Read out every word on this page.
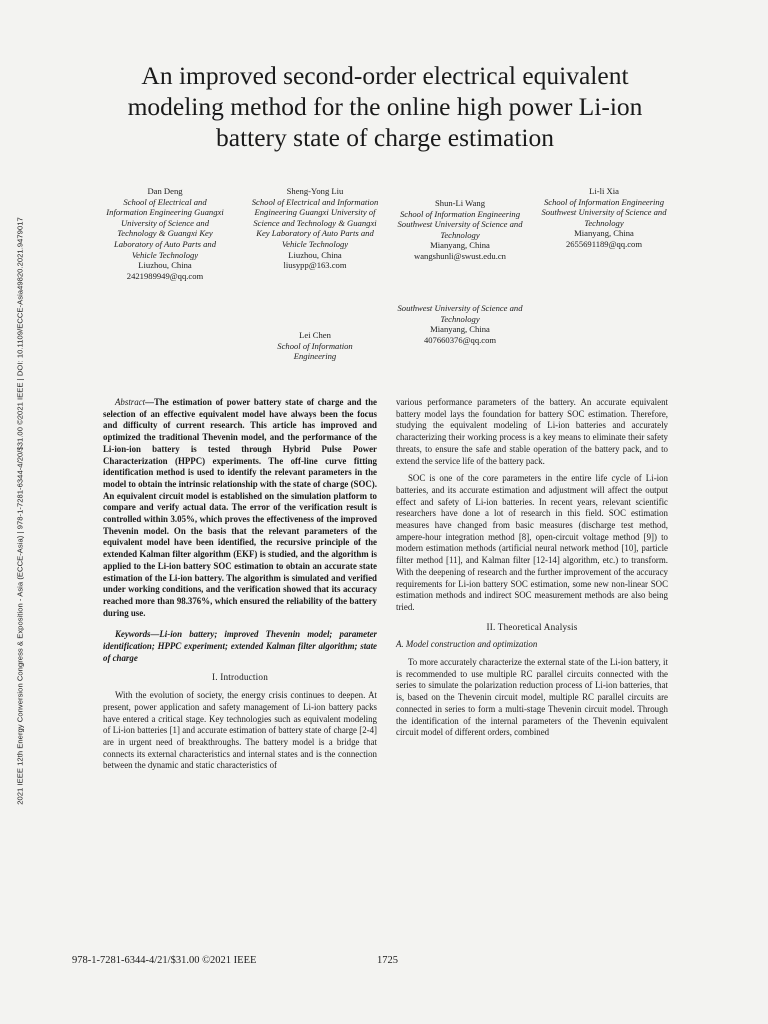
2021 IEEE 12th Energy Conversion Congress & Exposition - Asia (ECCE-Asia) | 978-1-7281-6344-4/20/$31.00 ©2021 IEEE | DOI: 10.1109/ECCE-Asia49820.2021.9479017
An improved second-order electrical equivalent modeling method for the online high power Li-ion battery state of charge estimation
Dan Deng
School of Electrical and Information Engineering Guangxi University of Science and Technology & Guangxi Key Laboratory of Auto Parts and Vehicle Technology
Liuzhou, China
2421989949@qq.com
Sheng-Yong Liu
School of Electrical and Information Engineering Guangxi University of Science and Technology & Guangxi Key Laboratory of Auto Parts and Vehicle Technology
Liuzhou, China
liusypp@163.com
Shun-Li Wang
School of Information Engineering Southwest University of Science and Technology
Mianyang, China
wangshunli@swust.edu.cn
Li-li Xia
School of Information Engineering Southwest University of Science and Technology
Mianyang, China
2655691189@qq.com
Southwest University of Science and Technology
Mianyang, China
407660376@qq.com
Lei Chen
School of Information Engineering

Abstract—The estimation of power battery state of charge and the selection of an effective equivalent model have always been the focus and difficulty of current research. This article has improved and optimized the traditional Thevenin model, and the performance of the Li-ion-ion battery is tested through Hybrid Pulse Power Characterization (HPPC) experiments. The off-line curve fitting identification method is used to identify the relevant parameters in the model to obtain the intrinsic relationship with the state of charge (SOC). An equivalent circuit model is established on the simulation platform to compare and verify actual data. The error of the verification result is controlled within 3.05%, which proves the effectiveness of the improved Thevenin model. On the basis that the relevant parameters of the equivalent model have been identified, the recursive principle of the extended Kalman filter algorithm (EKF) is studied, and the algorithm is applied to the Li-ion battery SOC estimation to obtain an accurate state estimation of the Li-ion battery. The algorithm is simulated and verified under working conditions, and the verification showed that its accuracy reached more than 98.376%, which ensured the reliability of the battery during use.

Keywords—Li-ion battery; improved Thevenin model; parameter identification; HPPC experiment; extended Kalman filter algorithm; state of charge

I. Introduction

With the evolution of society, the energy crisis continues to deepen. At present, power application and safety management of Li-ion battery packs have entered a critical stage. Key technologies such as equivalent modeling of Li-ion batteries [1] and accurate estimation of battery state of charge [2-4] are in urgent need of breakthroughs. The battery model is a bridge that connects its external characteristics and internal states and is the connection between the dynamic and static characteristics of

various performance parameters of the battery. An accurate equivalent battery model lays the foundation for battery SOC estimation. Therefore, studying the equivalent modeling of Li-ion batteries and accurately characterizing their working process is a key means to eliminate their safety threats, to ensure the safe and stable operation of the battery pack, and to extend the service life of the battery pack.

SOC is one of the core parameters in the entire life cycle of Li-ion batteries, and its accurate estimation and adjustment will affect the output effect and safety of Li-ion batteries. In recent years, relevant scientific researchers have done a lot of research in this field. SOC estimation measures have changed from basic measures (discharge test method, ampere-hour integration method [8], open-circuit voltage method [9]) to modern estimation methods (artificial neural network method [10], particle filter method [11], and Kalman filter [12-14] algorithm, etc.) to transform. With the deepening of research and the further improvement of the accuracy requirements for Li-ion battery SOC estimation, some new non-linear SOC estimation methods and indirect SOC measurement methods are also being tried.

II. Theoretical Analysis
A. Model construction and optimization

To more accurately characterize the external state of the Li-ion battery, it is recommended to use multiple RC parallel circuits connected with the series to simulate the polarization reduction process of Li-ion batteries, that is, based on the Thevenin circuit model, multiple RC parallel circuits are connected in series to form a multi-stage Thevenin circuit model. Through the identification of the internal parameters of the Thevenin equivalent circuit model of different orders, combined

978-1-7281-6344-4/21/$31.00 ©2021 IEEE	1725
